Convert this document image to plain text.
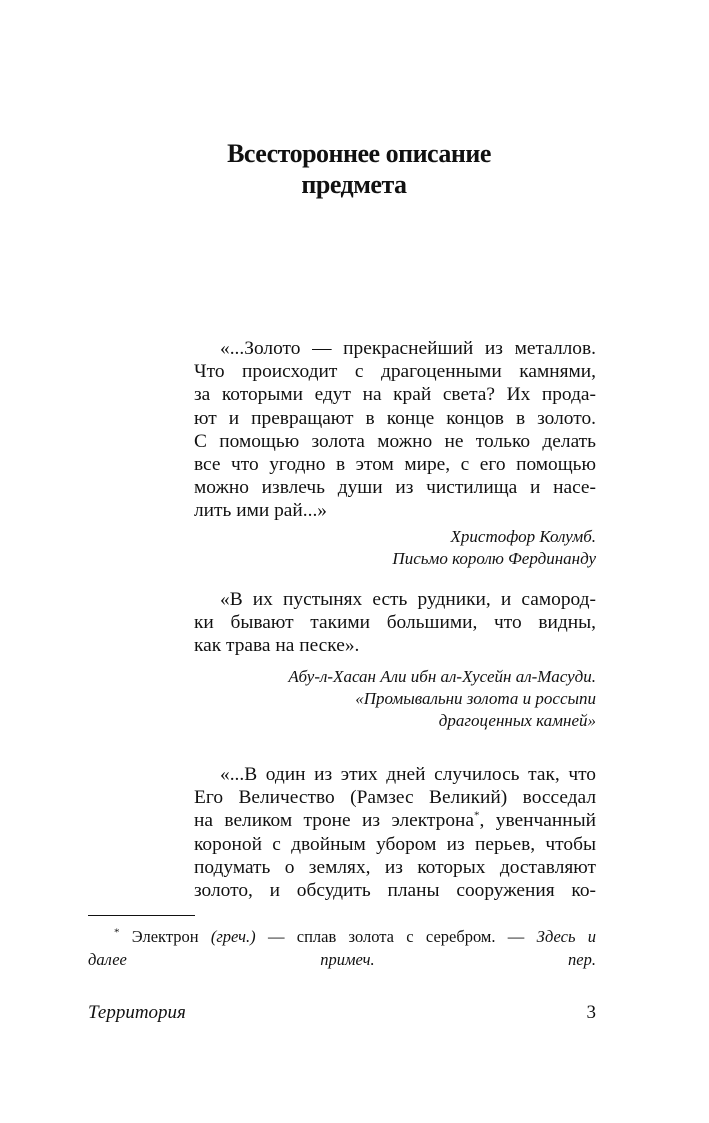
Всестороннее описание
предмета
«...Золото — прекраснейший из металлов.
Что происходит с драгоценными камнями,
за которыми едут на край света? Их прода-
ют и превращают в конце концов в золото.
С помощью золота можно не только делать
все что угодно в этом мире, с его помощью
можно извлечь души из чистилища и насе-
лить ими рай...»
Христофор Колумб.
Письмо королю Фердинанду
«В их пустынях есть рудники, и самород-
ки бывают такими большими, что видны,
как трава на песке».
Абу-л-Хасан Али ибн ал-Хусейн ал-Масуди.
«Промывальни золота и россыпи
драгоценных камней»
«...В один из этих дней случилось так, что
Его Величество (Рамзес Великий) восседал
на великом троне из электрона*, увенчанный
короной с двойным убором из перьев, чтобы
подумать о землях, из которых доставляют
золото, и обсудить планы сооружения ко-
* Электрон (греч.) — сплав золота с серебром. — Здесь и
далее примеч. пер.
Территория	3
